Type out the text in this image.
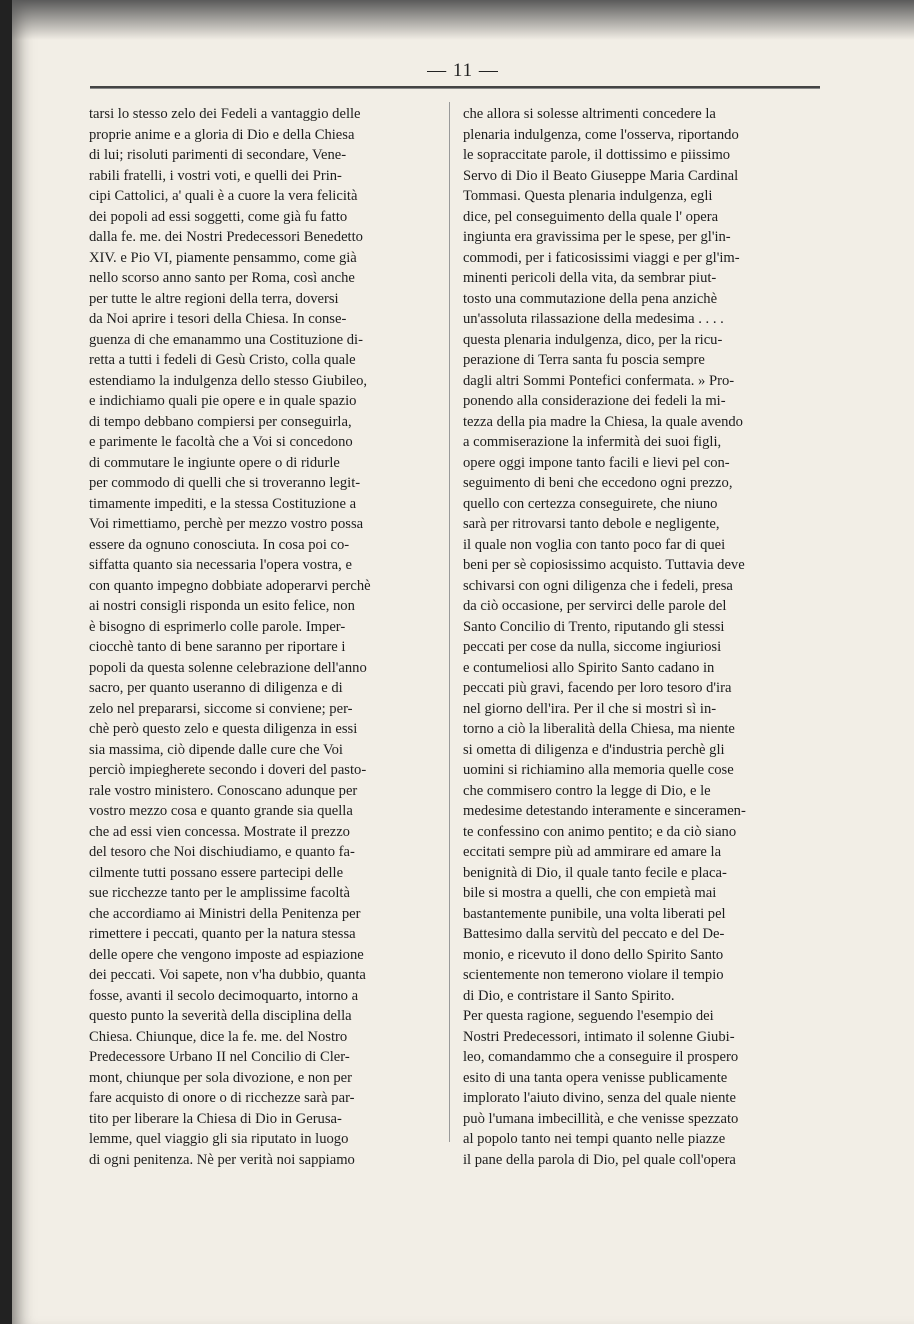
— 11 —
tarsi lo stesso zelo dei Fedeli a vantaggio delle
proprie anime e a gloria di Dio e della Chiesa
di lui; risoluti parimenti di secondare, Vene-
rabili fratelli, i vostri voti, e quelli dei Prin-
cipi Cattolici, a' quali è a cuore la vera felicità
dei popoli ad essi soggetti, come già fu fatto
dalla fe. me. dei Nostri Predecessori Benedetto
XIV. e Pio VI, piamente pensammo, come già
nello scorso anno santo per Roma, così anche
per tutte le altre regioni della terra, doversi
da Noi aprire i tesori della Chiesa. In conse-
guenza di che emanammo una Costituzione di-
retta a tutti i fedeli di Gesù Cristo, colla quale
estendiamo la indulgenza dello stesso Giubileo,
e indichiamo quali pie opere e in quale spazio
di tempo debbano compiersi per conseguirla,
e parimente le facoltà che a Voi si concedono
di commutare le ingiunte opere o di ridurle
per commodo di quelli che si troveranno legit-
timamente impediti, e la stessa Costituzione a
Voi rimettiamo, perchè per mezzo vostro possa
essere da ognuno conosciuta. In cosa poi co-
siffatta quanto sia necessaria l'opera vostra, e
con quanto impegno dobbiate adoperarvi perchè
ai nostri consigli risponda un esito felice, non
è bisogno di esprimerlo colle parole. Imper-
ciocchè tanto di bene saranno per riportare i
popoli da questa solenne celebrazione dell'anno
sacro, per quanto useranno di diligenza e di
zelo nel prepararsi, siccome si conviene; per-
chè però questo zelo e questa diligenza in essi
sia massima, ciò dipende dalle cure che Voi
perciò impiegherete secondo i doveri del pasto-
rale vostro ministero. Conoscano adunque per
vostro mezzo cosa e quanto grande sia quella
che ad essi vien concessa. Mostrate il prezzo
del tesoro che Noi dischiudiamo, e quanto fa-
cilmente tutti possano essere partecipi delle
sue ricchezze tanto per le amplissime facoltà
che accordiamo ai Ministri della Penitenza per
rimettere i peccati, quanto per la natura stessa
delle opere che vengono imposte ad espiazione
dei peccati. Voi sapete, non v'ha dubbio, quanta
fosse, avanti il secolo decimoquarto, intorno a
questo punto la severità della disciplina della
Chiesa. Chiunque, dice la fe. me. del Nostro
Predecessore Urbano II nel Concilio di Cler-
mont, chiunque per sola divozione, e non per
fare acquisto di onore o di ricchezze sarà par-
tito per liberare la Chiesa di Dio in Gerusa-
lemme, quel viaggio gli sia riputato in luogo
di ogni penitenza. Nè per verità noi sappiamo
che allora si solesse altrimenti concedere la
plenaria indulgenza, come l'osserva, riportando
le sopraccitate parole, il dottissimo e piissimo
Servo di Dio il Beato Giuseppe Maria Cardinal
Tommasi. Questa plenaria indulgenza, egli
dice, pel conseguimento della quale l' opera
ingiunta era gravissima per le spese, per gl'in-
commodi, per i faticosissimi viaggi e per gl'im-
minenti pericoli della vita, da sembrar piut-
tosto una commutazione della pena anzichè
un'assoluta rilassazione della medesima . . . .
questa plenaria indulgenza, dico, per la ricu-
perazione di Terra santa fu poscia sempre
dagli altri Sommi Pontefici confermata. » Pro-
ponendo alla considerazione dei fedeli la mi-
tezza della pia madre la Chiesa, la quale avendo
a commiserazione la infermità dei suoi figli,
opere oggi impone tanto facili e lievi pel con-
seguimento di beni che eccedono ogni prezzo,
quello con certezza conseguirete, che niuno
sarà per ritrovarsi tanto debole e negligente,
il quale non voglia con tanto poco far di quei
beni per sè copiosissimo acquisto. Tuttavia deve
schivarsi con ogni diligenza che i fedeli, presa
da ciò occasione, per servirci delle parole del
Santo Concilio di Trento, riputando gli stessi
peccati per cose da nulla, siccome ingiuriosi
e contumeliosi allo Spirito Santo cadano in
peccati più gravi, facendo per loro tesoro d'ira
nel giorno dell'ira. Per il che si mostri sì in-
torno a ciò la liberalità della Chiesa, ma niente
si ometta di diligenza e d'industria perchè gli
uomini si richiamino alla memoria quelle cose
che commisero contro la legge di Dio, e le
medesime detestando interamente e sinceramen-
te confessino con animo pentito; e da ciò siano
eccitati sempre più ad ammirare ed amare la
benignità di Dio, il quale tanto fecile e placa-
bile si mostra a quelli, che con empietà mai
bastantemente punibile, una volta liberati pel
Battesimo dalla servitù del peccato e del De-
monio, e ricevuto il dono dello Spirito Santo
scientemente non temerono violare il tempio
di Dio, e contristare il Santo Spirito.
Per questa ragione, seguendo l'esempio dei
Nostri Predecessori, intimato il solenne Giubi-
leo, comandammo che a conseguire il prospero
esito di una tanta opera venisse publicamente
implorato l'aiuto divino, senza del quale niente
può l'umana imbecillità, e che venisse spezzato
al popolo tanto nei tempi quanto nelle piazze
il pane della parola di Dio, pel quale coll'opera
